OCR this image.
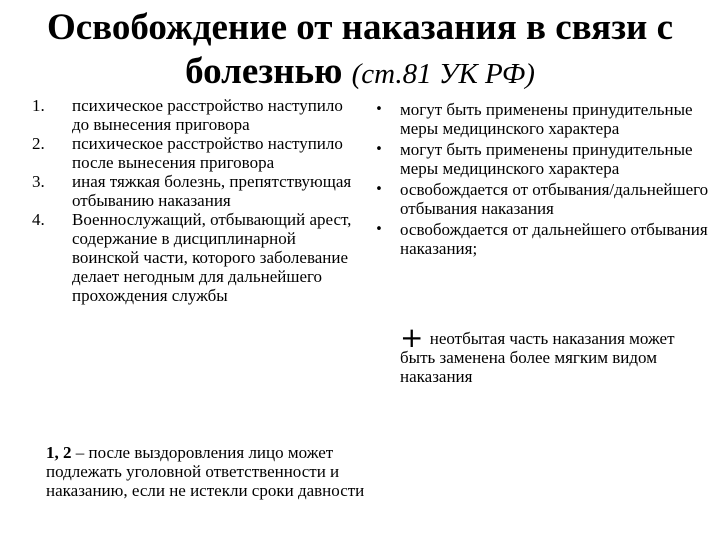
Освобождение от наказания в связи с болезнью (ст.81 УК РФ)
1. психическое расстройство наступило до вынесения приговора
2. психическое расстройство наступило после вынесения приговора
3. иная тяжкая болезнь, препятствующая отбыванию наказания
4. Военнослужащий, отбывающий арест, содержание в дисциплинарной воинской части, которого заболевание делает негодным для дальнейшего прохождения службы

1, 2 – после выздоровления лицо может подлежать уголовной ответственности и наказанию, если не истекли сроки давности

• могут быть применены принудительные меры медицинского характера
• могут быть применены принудительные меры медицинского характера
• освобождается от отбывания/дальнейшего отбывания наказания
• освобождается от дальнейшего отбывания наказания;

+ неотбытая часть наказания может быть заменена более мягким видом наказания
